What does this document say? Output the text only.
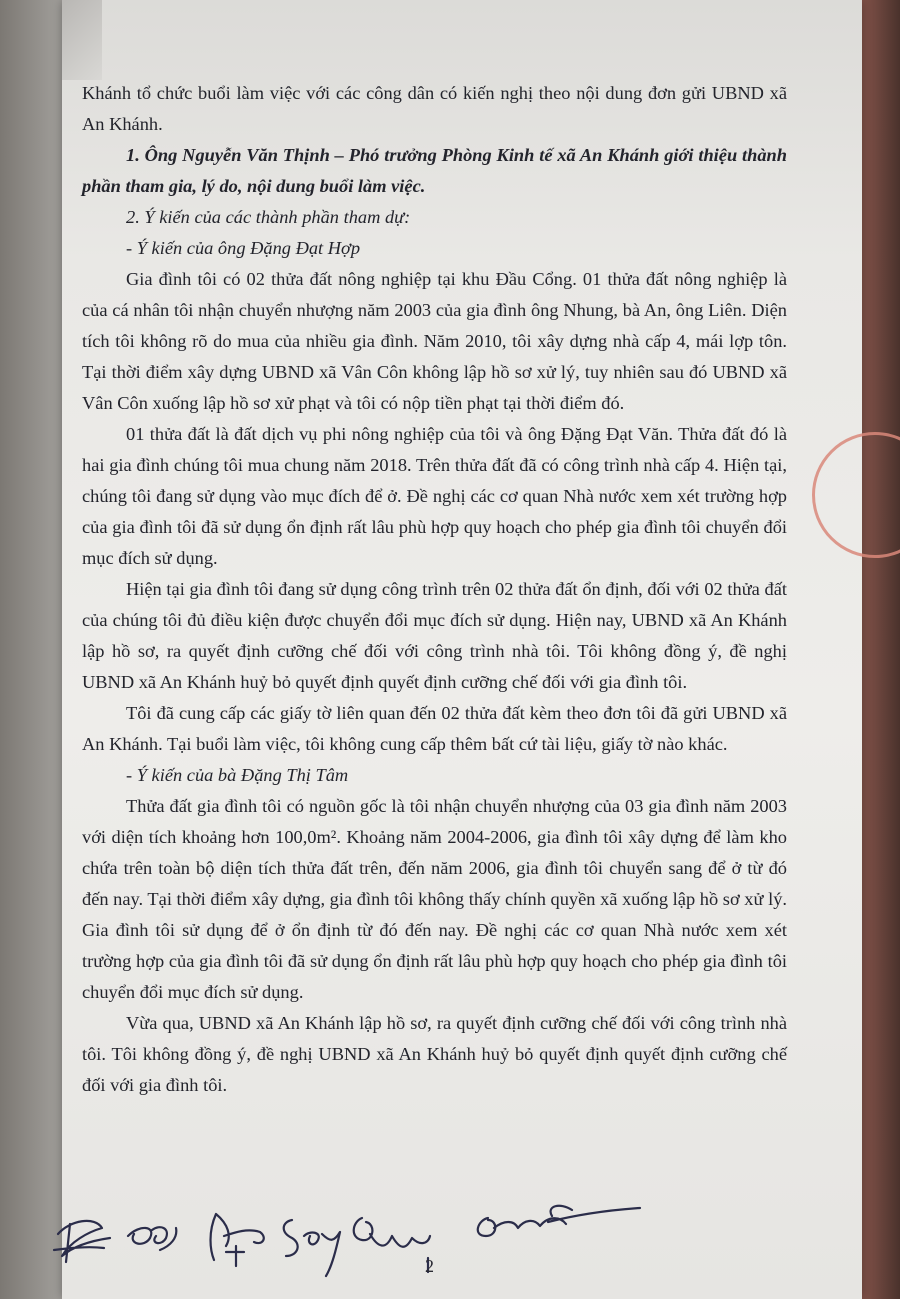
Khánh tổ chức buổi làm việc với các công dân có kiến nghị theo nội dung đơn gửi UBND xã An Khánh.

1. Ông Nguyễn Văn Thịnh – Phó trưởng Phòng Kinh tế xã An Khánh giới thiệu thành phần tham gia, lý do, nội dung buổi làm việc.

2. Ý kiến của các thành phần tham dự:

- Ý kiến của ông Đặng Đạt Hợp

Gia đình tôi có 02 thửa đất nông nghiệp tại khu Đầu Cổng. 01 thửa đất nông nghiệp là của cá nhân tôi nhận chuyển nhượng năm 2003 của gia đình ông Nhung, bà An, ông Liên. Diện tích tôi không rõ do mua của nhiều gia đình. Năm 2010, tôi xây dựng nhà cấp 4, mái lợp tôn. Tại thời điểm xây dựng UBND xã Vân Côn không lập hồ sơ xử lý, tuy nhiên sau đó UBND xã Vân Côn xuống lập hồ sơ xử phạt và tôi có nộp tiền phạt tại thời điểm đó.

01 thửa đất là đất dịch vụ phi nông nghiệp của tôi và ông Đặng Đạt Văn. Thửa đất đó là hai gia đình chúng tôi mua chung năm 2018. Trên thửa đất đã có công trình nhà cấp 4. Hiện tại, chúng tôi đang sử dụng vào mục đích để ở. Đề nghị các cơ quan Nhà nước xem xét trường hợp của gia đình tôi đã sử dụng ổn định rất lâu phù hợp quy hoạch cho phép gia đình tôi chuyển đổi mục đích sử dụng.

Hiện tại gia đình tôi đang sử dụng công trình trên 02 thửa đất ổn định, đối với 02 thửa đất của chúng tôi đủ điều kiện được chuyển đổi mục đích sử dụng. Hiện nay, UBND xã An Khánh lập hồ sơ, ra quyết định cưỡng chế đối với công trình nhà tôi. Tôi không đồng ý, đề nghị UBND xã An Khánh huỷ bỏ quyết định quyết định cưỡng chế đối với gia đình tôi.

Tôi đã cung cấp các giấy tờ liên quan đến 02 thửa đất kèm theo đơn tôi đã gửi UBND xã An Khánh. Tại buổi làm việc, tôi không cung cấp thêm bất cứ tài liệu, giấy tờ nào khác.

- Ý kiến của bà Đặng Thị Tâm

Thửa đất gia đình tôi có nguồn gốc là tôi nhận chuyển nhượng của 03 gia đình năm 2003 với diện tích khoảng hơn 100,0m². Khoảng năm 2004-2006, gia đình tôi xây dựng để làm kho chứa trên toàn bộ diện tích thửa đất trên, đến năm 2006, gia đình tôi chuyển sang để ở từ đó đến nay. Tại thời điểm xây dựng, gia đình tôi không thấy chính quyền xã xuống lập hồ sơ xử lý. Gia đình tôi sử dụng để ở ổn định từ đó đến nay. Đề nghị các cơ quan Nhà nước xem xét trường hợp của gia đình tôi đã sử dụng ổn định rất lâu phù hợp quy hoạch cho phép gia đình tôi chuyển đổi mục đích sử dụng.

Vừa qua, UBND xã An Khánh lập hồ sơ, ra quyết định cưỡng chế đối với công trình nhà tôi. Tôi không đồng ý, đề nghị UBND xã An Khánh huỷ bỏ quyết định quyết định cưỡng chế đối với gia đình tôi.

2
